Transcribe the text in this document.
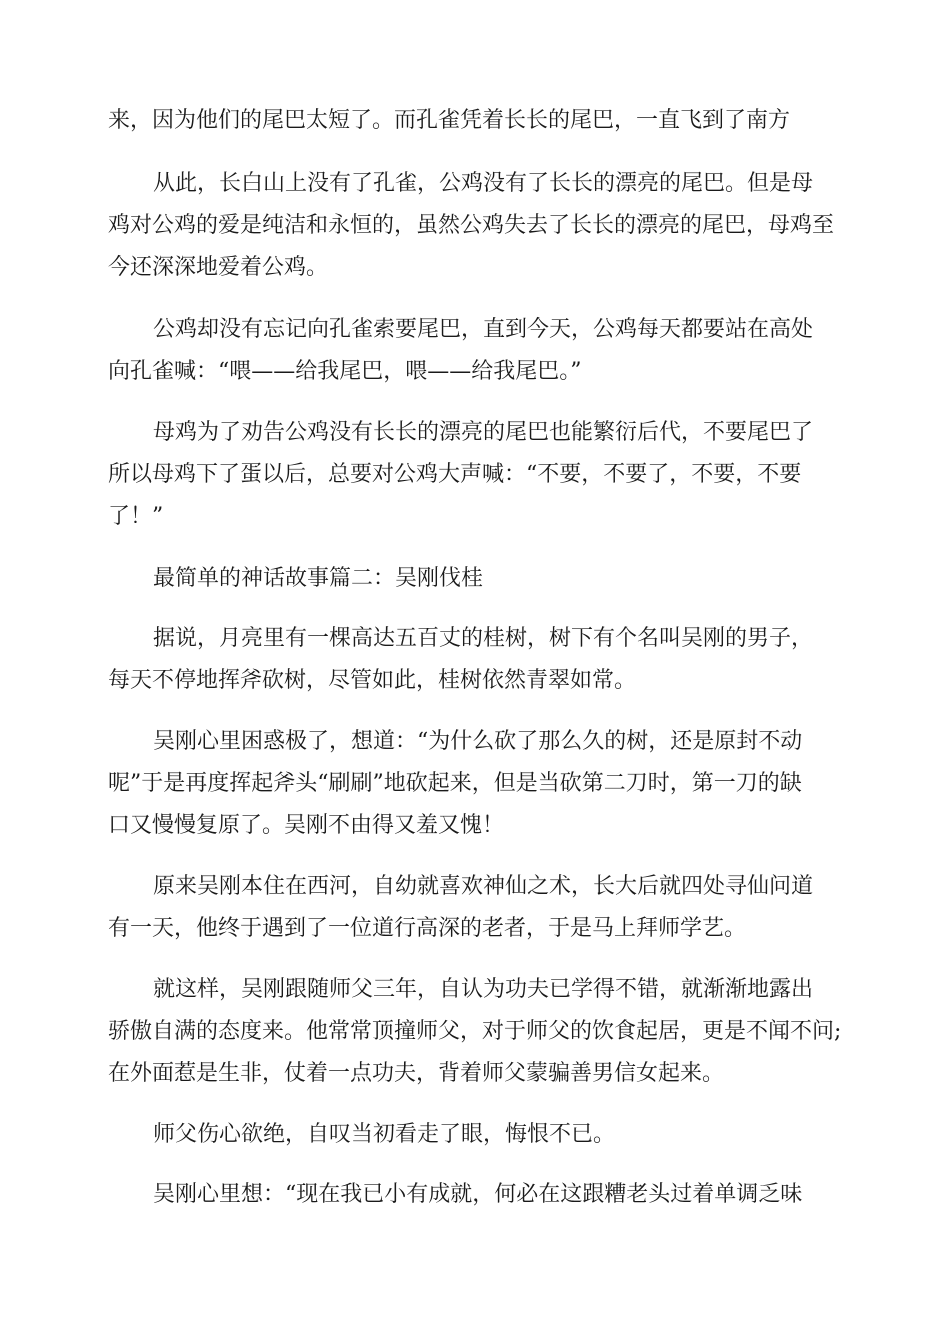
来，因为他们的尾巴太短了。而孔雀凭着长长的尾巴，一直飞到了南方

从此，长白山上没有了孔雀，公鸡没有了长长的漂亮的尾巴。但是母
鸡对公鸡的爱是纯洁和永恒的，虽然公鸡失去了长长的漂亮的尾巴，母鸡至
今还深深地爱着公鸡。

公鸡却没有忘记向孔雀索要尾巴，直到今天，公鸡每天都要站在高处
向孔雀喊：“喂——给我尾巴，喂——给我尾巴。”

母鸡为了劝告公鸡没有长长的漂亮的尾巴也能繁衍后代，不要尾巴了
所以母鸡下了蛋以后，总要对公鸡大声喊：“不要，不要了，不要，不要
了！”

最简单的神话故事篇二：吴刚伐桂

据说，月亮里有一棵高达五百丈的桂树，树下有个名叫吴刚的男子，
每天不停地挥斧砍树，尽管如此，桂树依然青翠如常。

吴刚心里困惑极了，想道：“为什么砍了那么久的树，还是原封不动
呢”于是再度挥起斧头“刷刷”地砍起来，但是当砍第二刀时，第一刀的缺
口又慢慢复原了。吴刚不由得又羞又愧！

原来吴刚本住在西河，自幼就喜欢神仙之术，长大后就四处寻仙问道
有一天，他终于遇到了一位道行高深的老者，于是马上拜师学艺。

就这样，吴刚跟随师父三年，自认为功夫已学得不错，就渐渐地露出
骄傲自满的态度来。他常常顶撞师父，对于师父的饮食起居，更是不闻不问;
在外面惹是生非，仗着一点功夫，背着师父蒙骗善男信女起来。

师父伤心欲绝，自叹当初看走了眼，悔恨不已。

吴刚心里想：“现在我已小有成就，何必在这跟糟老头过着单调乏味
